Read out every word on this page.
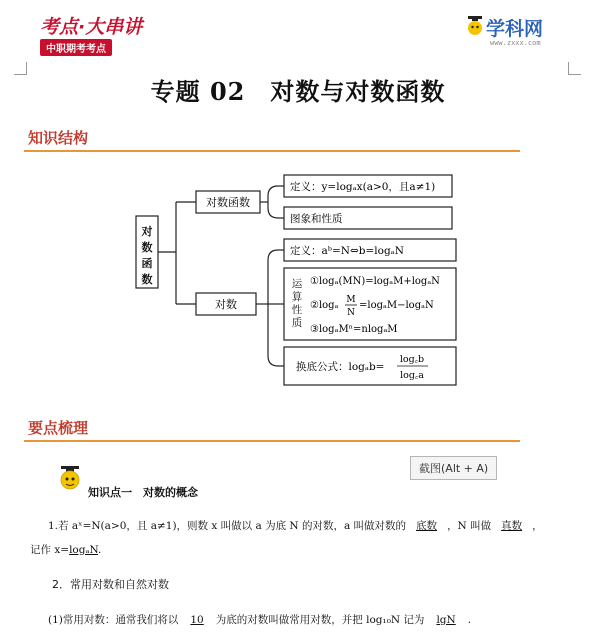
考点·大串讲
中职期考考点
学科网
www.zxxx.com
专题 02　对数与对数函数
知识结构
对
数
函
数
对数函数
对数
定义：y=logₐx(a>0，且a≠1)
图象和性质
定义：aᵇ=N⇔b=logₐN
运
算
性
质
①logₐ(MN)=logₐM+logₐN
②logₐ M
N
=logₐM−logₐN
③logₐMⁿ=nlogₐM
换底公式：logₐb=
log꜀b
log꜀a
要点梳理
截图(Alt + A)
知识点一　对数的概念
1.若 aˣ=N(a>0，且 a≠1)，则数 x 叫做以 a 为底 N 的对数，a 叫做对数的 底数 ，N 叫做 真数 ，
记作 x=logₐN.
2．常用对数和自然对数
(1)常用对数：通常我们将以 10 为底的对数叫做常用对数，并把 log₁₀N 记为 lgN .
